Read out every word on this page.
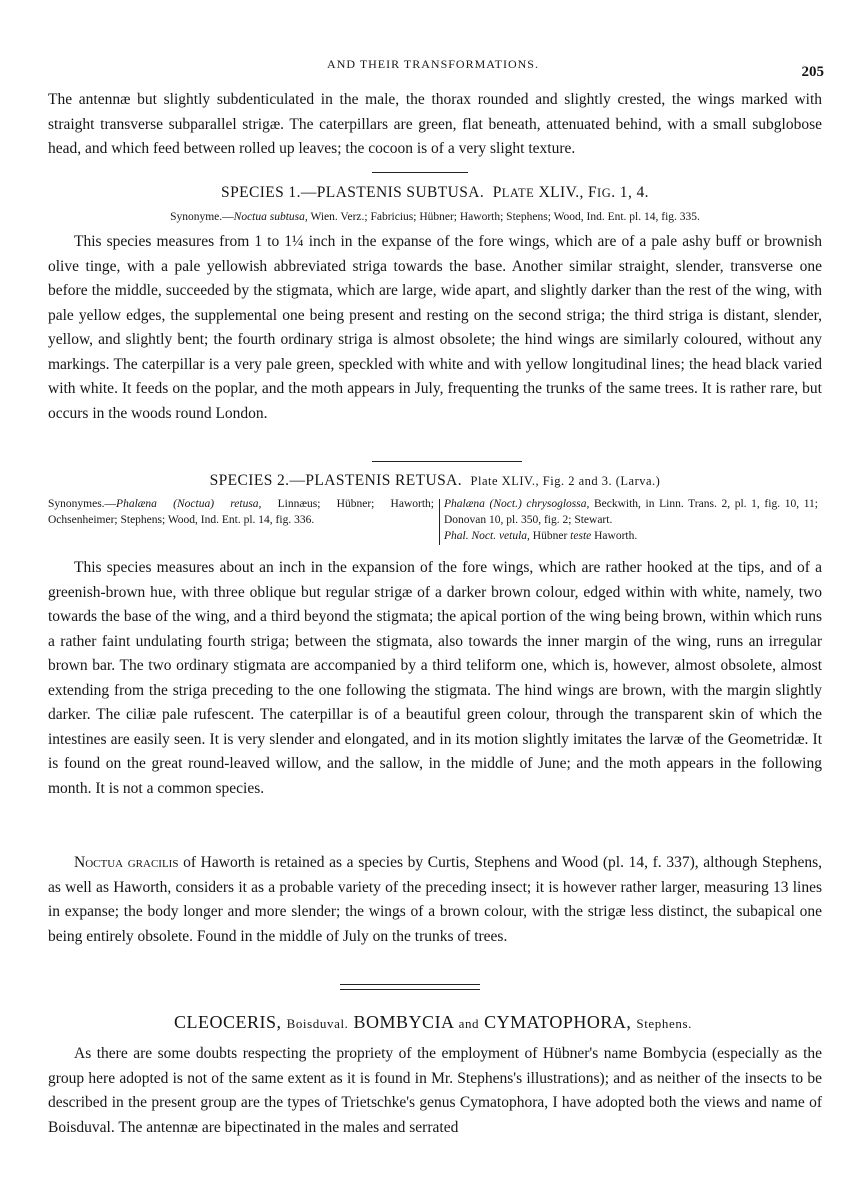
AND THEIR TRANSFORMATIONS.	205

The antennæ but slightly subdenticulated in the male, the thorax rounded and slightly crested, the wings marked with straight transverse subparallel strigæ. The caterpillars are green, flat beneath, attenuated behind, with a small subglobose head, and which feed between rolled up leaves; the cocoon is of a very slight texture.

SPECIES 1.—PLASTENIS SUBTUSA. PLATE XLIV., FIG. 1, 4.

Synonyme.—Noctua subtusa, Wien. Verz.; Fabricius; Hübner; Haworth; Stephens; Wood, Ind. Ent. pl. 14, fig. 335.

This species measures from 1 to 1¼ inch in the expanse of the fore wings, which are of a pale ashy buff or brownish olive tinge, with a pale yellowish abbreviated striga towards the base. Another similar straight, slender, transverse one before the middle, succeeded by the stigmata, which are large, wide apart, and slightly darker than the rest of the wing, with pale yellow edges, the supplemental one being present and resting on the second striga; the third striga is distant, slender, yellow, and slightly bent; the fourth ordinary striga is almost obsolete; the hind wings are similarly coloured, without any markings. The caterpillar is a very pale green, speckled with white and with yellow longitudinal lines; the head black varied with white. It feeds on the poplar, and the moth appears in July, frequenting the trunks of the same trees. It is rather rare, but occurs in the woods round London.

SPECIES 2.—PLASTENIS RETUSA. Plate XLIV., Fig. 2 and 3. (Larva.)

Synonymes.—Phalæna (Noctua) retusa, Linnæus; Hübner; Haworth; Ochsenheimer; Stephens; Wood, Ind. Ent. pl. 14, fig. 336.
Phalæna (Noct.) chrysoglossa, Beckwith, in Linn. Trans. 2, pl. 1, fig. 10, 11; Donovan 10, pl. 350, fig. 2; Stewart.
Phal. Noct. vetula, Hübner teste Haworth.

This species measures about an inch in the expansion of the fore wings, which are rather hooked at the tips, and of a greenish-brown hue, with three oblique but regular strigæ of a darker brown colour, edged within with white, namely, two towards the base of the wing, and a third beyond the stigmata; the apical portion of the wing being brown, within which runs a rather faint undulating fourth striga; between the stigmata, also towards the inner margin of the wing, runs an irregular brown bar. The two ordinary stigmata are accompanied by a third teliform one, which is, however, almost obsolete, almost extending from the striga preceding to the one following the stigmata. The hind wings are brown, with the margin slightly darker. The ciliæ pale rufescent. The caterpillar is of a beautiful green colour, through the transparent skin of which the intestines are easily seen. It is very slender and elongated, and in its motion slightly imitates the larvæ of the Geometridæ. It is found on the great round-leaved willow, and the sallow, in the middle of June; and the moth appears in the following month. It is not a common species.

Noctua gracilis of Haworth is retained as a species by Curtis, Stephens and Wood (pl. 14, f. 337), although Stephens, as well as Haworth, considers it as a probable variety of the preceding insect; it is however rather larger, measuring 13 lines in expanse; the body longer and more slender; the wings of a brown colour, with the strigæ less distinct, the subapical one being entirely obsolete. Found in the middle of July on the trunks of trees.

CLEOCERIS, Boisduval. BOMBYCIA and CYMATOPHORA, Stephens.

As there are some doubts respecting the propriety of the employment of Hübner's name Bombycia (especially as the group here adopted is not of the same extent as it is found in Mr. Stephens's illustrations); and as neither of the insects to be described in the present group are the types of Trietschke's genus Cymatophora, I have adopted both the views and name of Boisduval. The antennæ are bipectinated in the males and serrated
